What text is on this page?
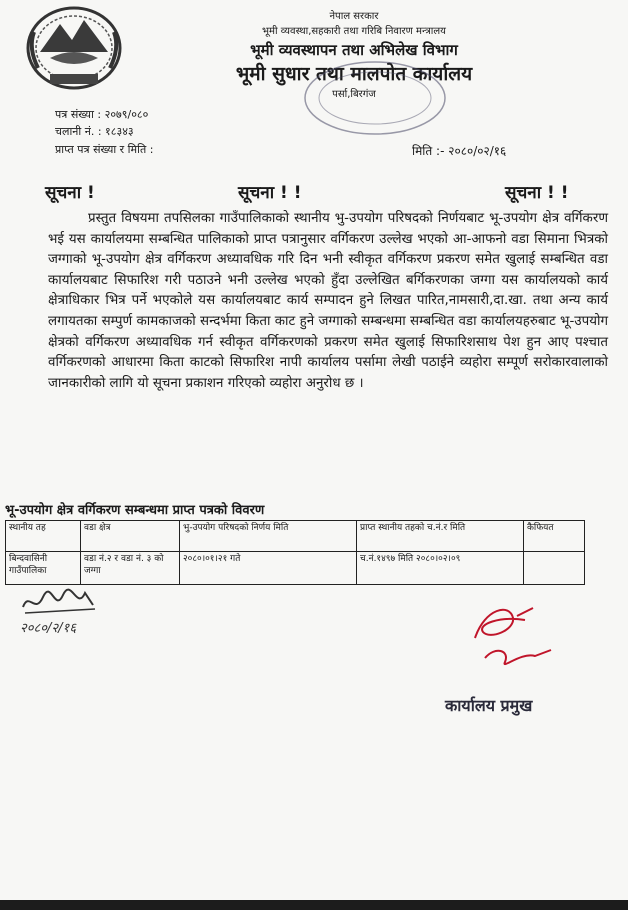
नेपाल सरकार
भूमी व्यवस्था,सहकारी तथा गरिबि निवारण मन्त्रालय
भूमी व्यवस्थापन तथा अभिलेख विभाग
भूमी सुधार तथा मालपोत कार्यालय
पर्सा,बिरगंज
पत्र संख्या : २०७९/०८०
चलानी नं. : १८३४३
प्राप्त पत्र संख्या र मिति :	मिति :- २०८०/०२/१६
सूचना !	सूचना ! !	सूचना ! !
प्रस्तुत विषयमा तपसिलका गाउँपालिकाको स्थानीय भु-उपयोग परिषदको निर्णयबाट भू-उपयोग क्षेत्र वर्गिकरण भई यस कार्यालयमा सम्बन्धित पालिकाको प्राप्त पत्रानुसार वर्गिकरण उल्लेख भएको आ-आफनो वडा सिमाना भित्रको जग्गाको भू-उपयोग क्षेत्र वर्गिकरण अध्यावधिक गरि दिन भनी स्वीकृत वर्गिकरण प्रकरण समेत खुलाई सम्बन्धित वडा कार्यालयबाट सिफारिश गरी पठाउने भनी उल्लेख भएको हुँदा उल्लेखित बर्गिकरणका जग्गा यस कार्यालयको कार्य क्षेत्राधिकार भित्र पर्ने भएकोले यस कार्यालयबाट कार्य सम्पादन हुने लिखत पारित,नामसारी,दा.खा. तथा अन्य कार्य लगायतका सम्पुर्ण कामकाजको सन्दर्भमा किता काट हुने जग्गाको सम्बन्धमा सम्बन्धित वडा कार्यालयहरुबाट भू-उपयोग क्षेत्रको वर्गिकरण अध्यावधिक गर्न स्वीकृत वर्गिकरणको प्रकरण समेत खुलाई सिफारिशसाथ पेश हुन आए पश्चात वर्गिकरणको आधारमा किता काटको सिफारिश नापी कार्यालय पर्सामा लेखी पठाईने व्यहोरा सम्पूर्ण सरोकारवालाको जानकारीको लागि यो सूचना प्रकाशन गरिएको व्यहोरा अनुरोध छ ।
भू-उपयोग क्षेत्र वर्गिकरण सम्बन्धमा प्राप्त पत्रको विवरण
स्थानीय तह	वडा क्षेत्र	भु-उपयोग परिषदको निर्णय मिति	प्राप्त स्थानीय तहको च.नं.र मिति	कैफियत
बिन्दवासिनी गाउँपालिका	वडा नं.२ र वडा नं. ३ को जग्गा	२०८०।०१।२१ गते	च.नं.१४९७ मिति २०८०।०२।०९	
२०८०/२/१६
कार्यालय प्रमुख
